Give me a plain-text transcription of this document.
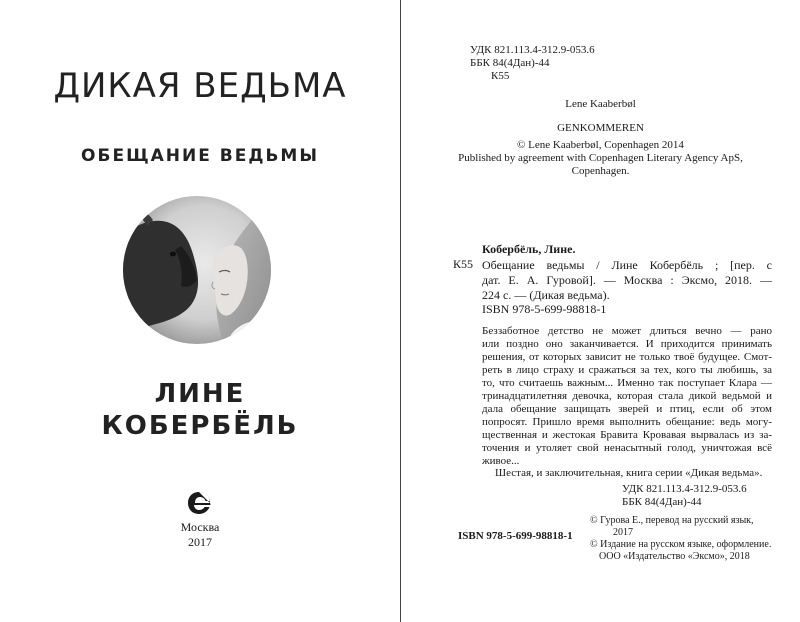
ДИКАЯ ВЕДЬМА
ОБЕЩАНИЕ ВЕДЬМЫ
ЛИНЕ
КОБЕРБЁЛЬ
Москва
2017
УДК 821.113.4-312.9-053.6
ББК 84(4Дан)-44
К55
Lene Kaaberbøl
GENKOMMEREN
© Lene Kaaberbøl, Copenhagen 2014
Published by agreement with Copenhagen Literary Agency ApS,
Copenhagen.
Кобербёль, Лине.
К55 Обещание ведьмы / Лине Кобербёль ; [пер. с
дат. Е. А. Гуровой]. — Москва : Эксмо, 2018. —
224 с. — (Дикая ведьма).
ISBN 978-5-699-98818-1
Беззаботное детство не может длиться вечно — рано
или поздно оно заканчивается. И приходится принимать
решения, от которых зависит не только твоё будущее. Смот-
реть в лицо страху и сражаться за тех, кого ты любишь, за
то, что считаешь важным... Именно так поступает Клара —
тринадцатилетняя девочка, которая стала дикой ведьмой и
дала обещание защищать зверей и птиц, если об этом
попросят. Пришло время выполнить обещание: ведь могу-
щественная и жестокая Бравита Кровавая вырвалась из за-
точения и утоляет свой ненасытный голод, уничтожая всё
живое...
Шестая, и заключительная, книга серии «Дикая ведьма».
УДК 821.113.4-312.9-053.6
ББК 84(4Дан)-44
© Гурова Е., перевод на русский язык,
2017
© Издание на русском языке, оформление.
ООО «Издательство «Эксмо», 2018
ISBN 978-5-699-98818-1
